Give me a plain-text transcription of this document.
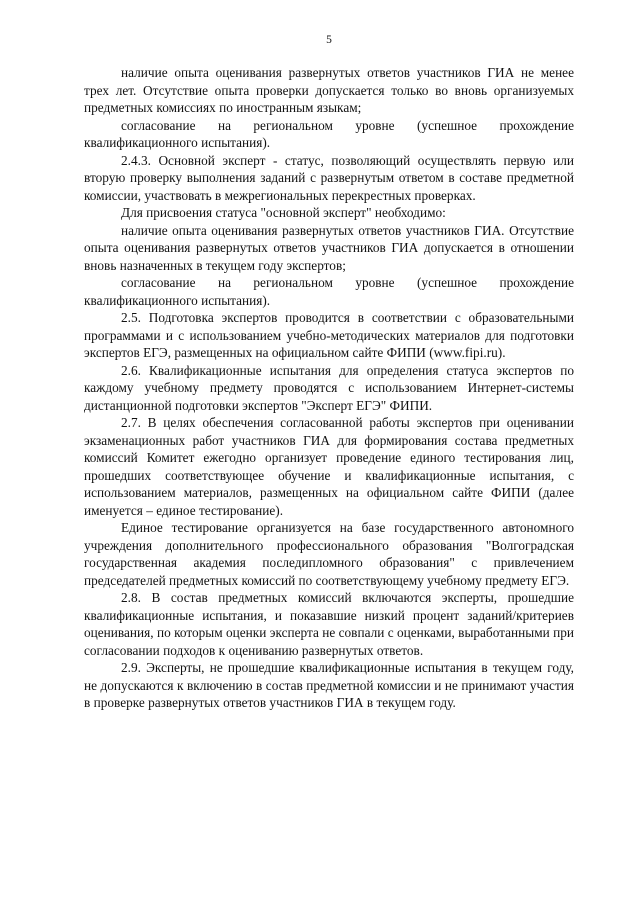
5

наличие опыта оценивания развернутых ответов участников ГИА не менее трех лет. Отсутствие опыта проверки допускается только во вновь организуемых предметных комиссиях по иностранным языкам;

согласование на региональном уровне (успешное прохождение квалификационного испытания).

2.4.3. Основной эксперт - статус, позволяющий осуществлять первую или вторую проверку выполнения заданий с развернутым ответом в составе предметной комиссии, участвовать в межрегиональных перекрестных проверках.

Для присвоения статуса "основной эксперт" необходимо:

наличие опыта оценивания развернутых ответов участников ГИА. Отсутствие опыта оценивания развернутых ответов участников ГИА допускается в отношении вновь назначенных в текущем году экспертов;

согласование на региональном уровне (успешное прохождение квалификационного испытания).

2.5. Подготовка экспертов проводится в соответствии с образовательными программами и с использованием учебно-методических материалов для подготовки экспертов ЕГЭ, размещенных на официальном сайте ФИПИ (www.fipi.ru).

2.6. Квалификационные испытания для определения статуса экспертов по каждому учебному предмету проводятся с использованием Интернет-системы дистанционной подготовки экспертов "Эксперт ЕГЭ" ФИПИ.

2.7. В целях обеспечения согласованной работы экспертов при оценивании экзаменационных работ участников ГИА для формирования состава предметных комиссий Комитет ежегодно организует проведение единого тестирования лиц, прошедших соответствующее обучение и квалификационные испытания, с использованием материалов, размещенных на официальном сайте ФИПИ (далее именуется – единое тестирование).

Единое тестирование организуется на базе государственного автономного учреждения дополнительного профессионального образования "Волгоградская государственная академия последипломного образования" с привлечением председателей предметных комиссий по соответствующему учебному предмету ЕГЭ.

2.8. В состав предметных комиссий включаются эксперты, прошедшие квалификационные испытания, и показавшие низкий процент заданий/критериев оценивания, по которым оценки эксперта не совпали с оценками, выработанными при согласовании подходов к оцениванию развернутых ответов.

2.9. Эксперты, не прошедшие квалификационные испытания в текущем году, не допускаются к включению в состав предметной комиссии и не принимают участия в проверке развернутых ответов участников ГИА в текущем году.
